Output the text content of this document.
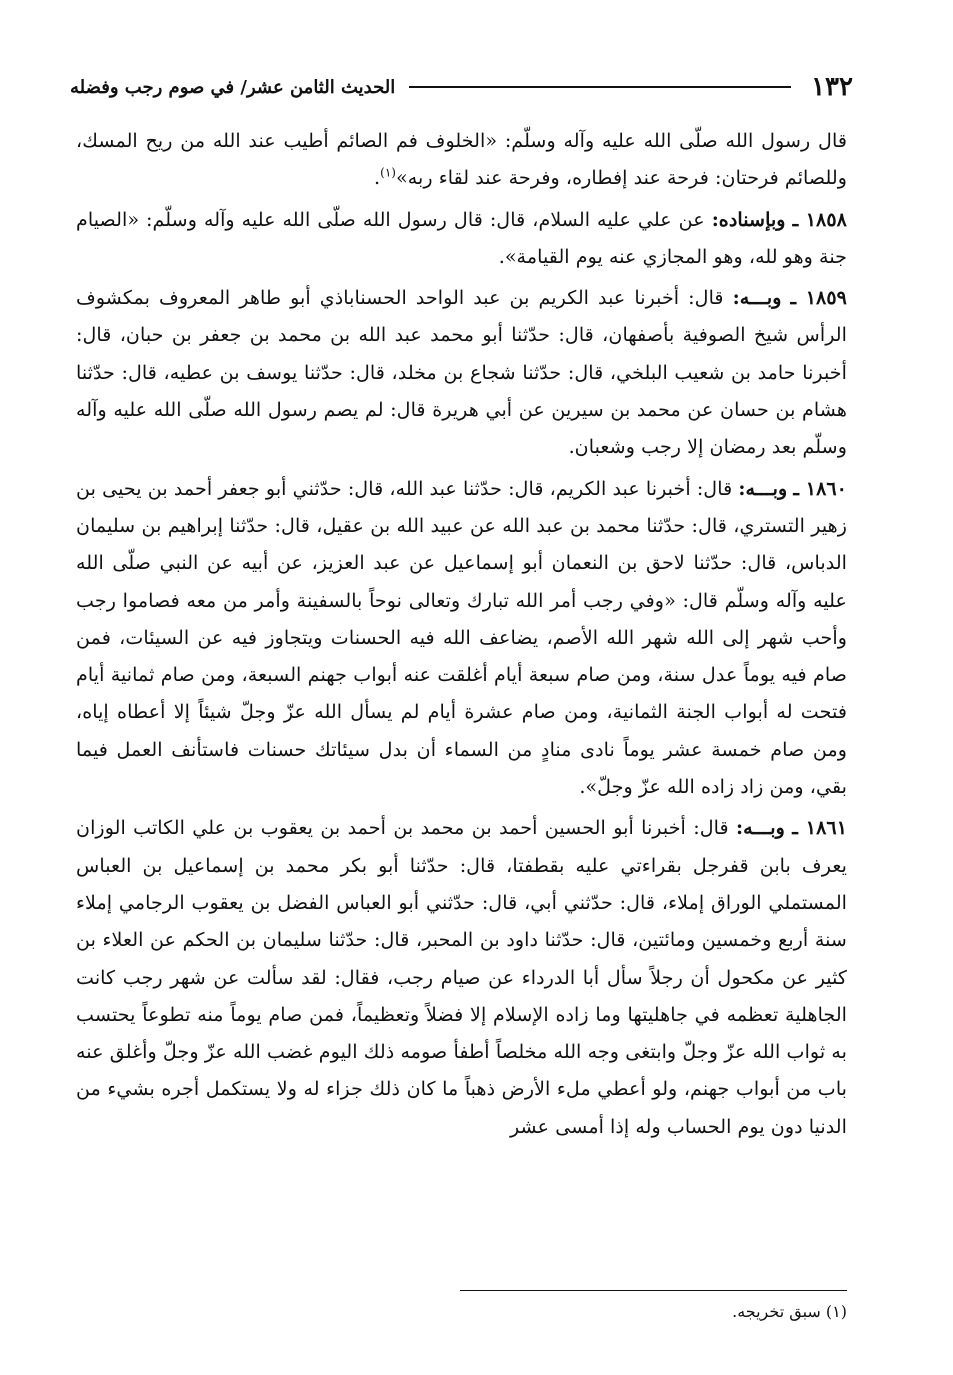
١٣٢
الحديث الثامن عشر/ في صوم رجب وفضله

قال رسول الله صلّى الله عليه وآله وسلّم: «الخلوف فم الصائم أطيب عند الله من ريح المسك، وللصائم فرحتان: فرحة عند إفطاره، وفرحة عند لقاء ربه»$^{(١)}$.

١٨٥٨ ـ وبإسناده: عن علي عليه السلام، قال: قال رسول الله صلّى الله عليه وآله وسلّم: «الصيام جنة وهو لله، وهو المجازي عنه يوم القيامة».

١٨٥٩ ـ وبـــه: قال: أخبرنا عبد الكريم بن عبد الواحد الحسناباذي أبو طاهر المعروف بمكشوف الرأس شيخ الصوفية بأصفهان، قال: حدّثنا أبو محمد عبد الله بن محمد بن جعفر بن حبان، قال: أخبرنا حامد بن شعيب البلخي، قال: حدّثنا شجاع بن مخلد، قال: حدّثنا يوسف بن عطيه، قال: حدّثنا هشام بن حسان عن محمد بن سيرين عن أبي هريرة قال: لم يصم رسول الله صلّى الله عليه وآله وسلّم بعد رمضان إلا رجب وشعبان.

١٨٦٠ ـ وبـــه: قال: أخبرنا عبد الكريم، قال: حدّثنا عبد الله، قال: حدّثني أبو جعفر أحمد بن يحيى بن زهير التستري، قال: حدّثنا محمد بن عبد الله عن عبيد الله بن عقيل، قال: حدّثنا إبراهيم بن سليمان الدباس، قال: حدّثنا لاحق بن النعمان أبو إسماعيل عن عبد العزيز، عن أبيه عن النبي صلّى الله عليه وآله وسلّم قال: «وفي رجب أمر الله تبارك وتعالى نوحاً بالسفينة وأمر من معه فصاموا رجب وأحب شهر إلى الله شهر الله الأصم، يضاعف الله فيه الحسنات ويتجاوز فيه عن السيئات، فمن صام فيه يوماً عدل سنة، ومن صام سبعة أيام أغلقت عنه أبواب جهنم السبعة، ومن صام ثمانية أيام فتحت له أبواب الجنة الثمانية، ومن صام عشرة أيام لم يسأل الله عزّ وجلّ شيئاً إلا أعطاه إياه، ومن صام خمسة عشر يوماً نادى منادٍ من السماء أن بدل سيئاتك حسنات فاستأنف العمل فيما بقي، ومن زاد زاده الله عزّ وجلّ».

١٨٦١ ـ وبـــه: قال: أخبرنا أبو الحسين أحمد بن محمد بن أحمد بن يعقوب بن علي الكاتب الوزان يعرف بابن قفرجل بقراءتي عليه بقطفتا، قال: حدّثنا أبو بكر محمد بن إسماعيل بن العباس المستملي الوراق إملاء، قال: حدّثني أبي، قال: حدّثني أبو العباس الفضل بن يعقوب الرجامي إملاء سنة أربع وخمسين ومائتين، قال: حدّثنا داود بن المحبر، قال: حدّثنا سليمان بن الحكم عن العلاء بن كثير عن مكحول أن رجلاً سأل أبا الدرداء عن صيام رجب، فقال: لقد سألت عن شهر رجب كانت الجاهلية تعظمه في جاهليتها وما زاده الإسلام إلا فضلاً وتعظيماً، فمن صام يوماً منه تطوعاً يحتسب به ثواب الله عزّ وجلّ وابتغى وجه الله مخلصاً أطفأ صومه ذلك اليوم غضب الله عزّ وجلّ وأغلق عنه باب من أبواب جهنم، ولو أعطي ملء الأرض ذهباً ما كان ذلك جزاء له ولا يستكمل أجره بشيء من الدنيا دون يوم الحساب وله إذا أمسى عشر

(١) سبق تخريجه.
